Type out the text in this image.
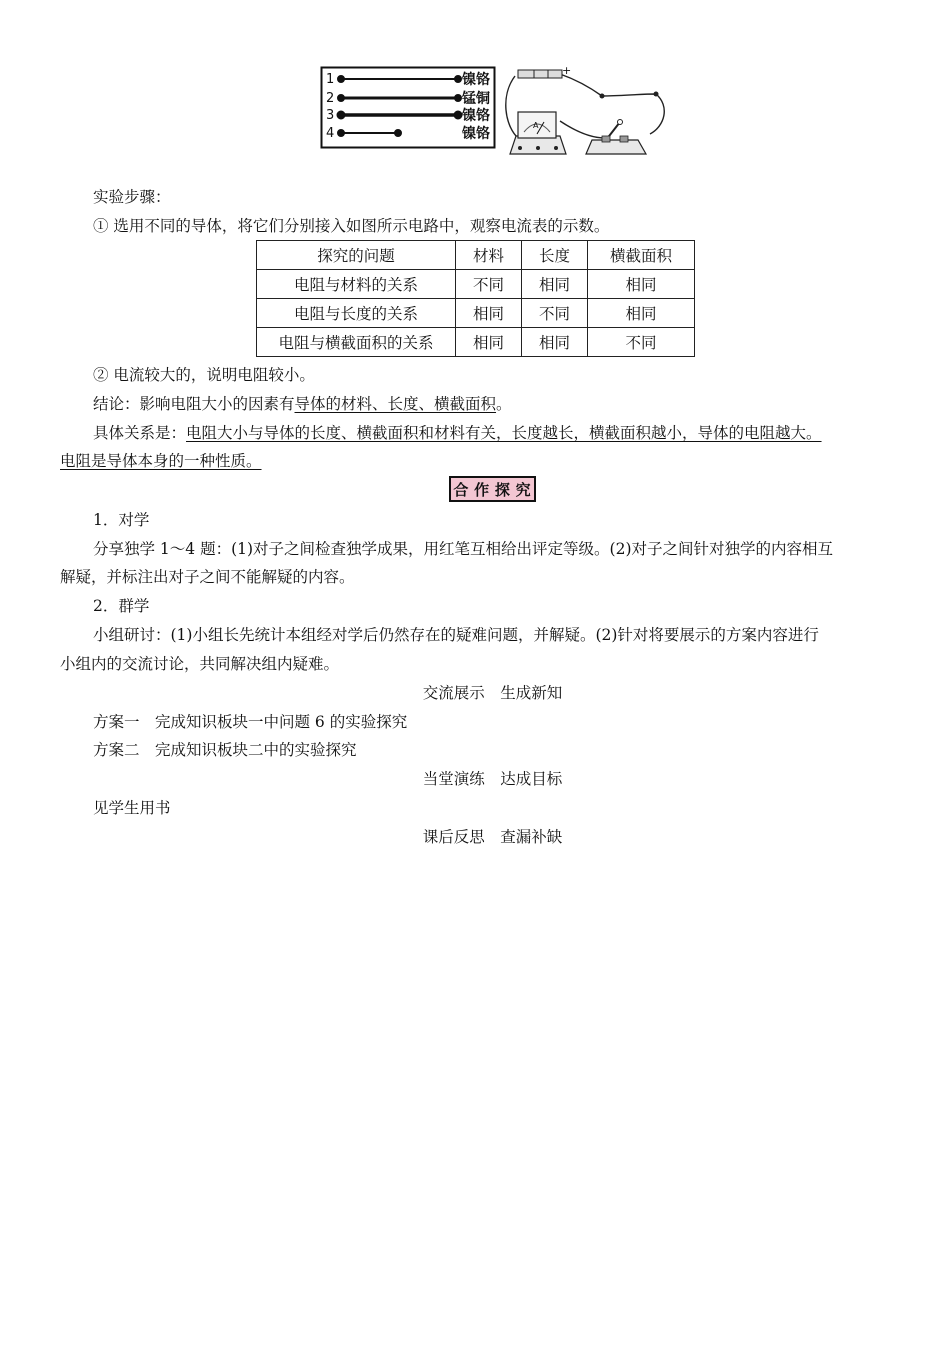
1
2
3
4
镍铬
锰铜
镍铬
镍铬
+
A
实验步骤：
① 选用不同的导体，将它们分别接入如图所示电路中，观察电流表的示数。
探究的问题	材料	长度	横截面积
电阻与材料的关系	不同	相同	相同
电阻与长度的关系	相同	不同	相同
电阻与横截面积的关系	相同	相同	不同
② 电流较大的，说明电阻较小。
结论：影响电阻大小的因素有导体的材料、长度、横截面积。
具体关系是：电阻大小与导体的长度、横截面积和材料有关，长度越长，横截面积越小，导体的电阻越大。
电阻是导体本身的一种性质。
合 作 探 究
1．对学
分享独学 1～4 题：(1)对子之间检查独学成果，用红笔互相给出评定等级。(2)对子之间针对独学的内容相互
解疑，并标注出对子之间不能解疑的内容。
2．群学
小组研讨：(1)小组长先统计本组经对学后仍然存在的疑难问题，并解疑。(2)针对将要展示的方案内容进行
小组内的交流讨论，共同解决组内疑难。
交流展示　生成新知
方案一　完成知识板块一中问题 6 的实验探究
方案二　完成知识板块二中的实验探究
当堂演练　达成目标
见学生用书
课后反思　查漏补缺
